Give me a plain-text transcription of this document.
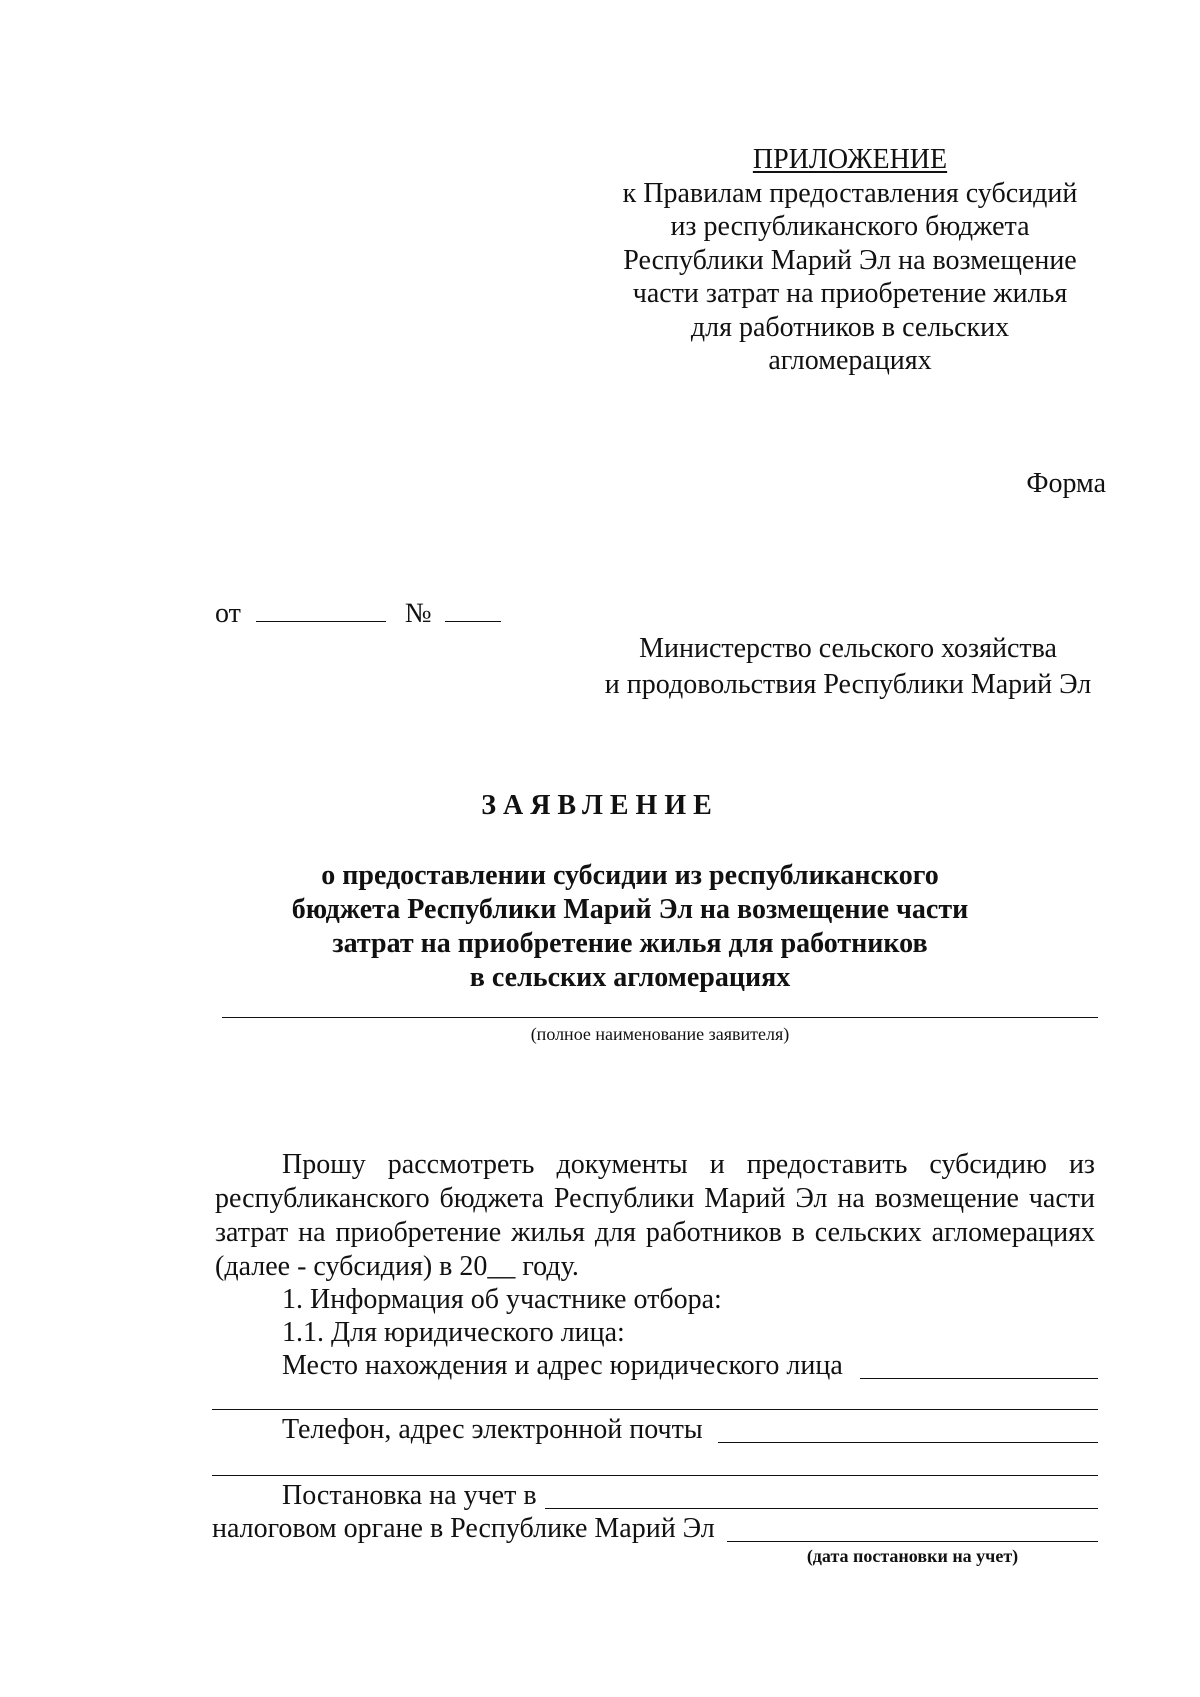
ПРИЛОЖЕНИЕ
к Правилам предоставления субсидий
из республиканского бюджета
Республики Марий Эл на возмещение
части затрат на приобретение жилья
для работников в сельских
агломерациях
Форма
от	№
Министерство сельского хозяйства
и продовольствия Республики Марий Эл
ЗАЯВЛЕНИЕ
о предоставлении субсидии из республиканского
бюджета Республики Марий Эл на возмещение части
затрат на приобретение жилья для работников
в сельских агломерациях
(полное наименование заявителя)
Прошу рассмотреть документы и предоставить субсидию из республиканского бюджета Республики Марий Эл на возмещение части затрат на приобретение жилья для работников в сельских агломерациях (далее - субсидия) в 20__ году.
1. Информация об участнике отбора:
1.1. Для юридического лица:
Место нахождения и адрес юридического лица
Телефон, адрес электронной почты
Постановка на учет в
налоговом органе в Республике Марий Эл
(дата постановки на учет)
